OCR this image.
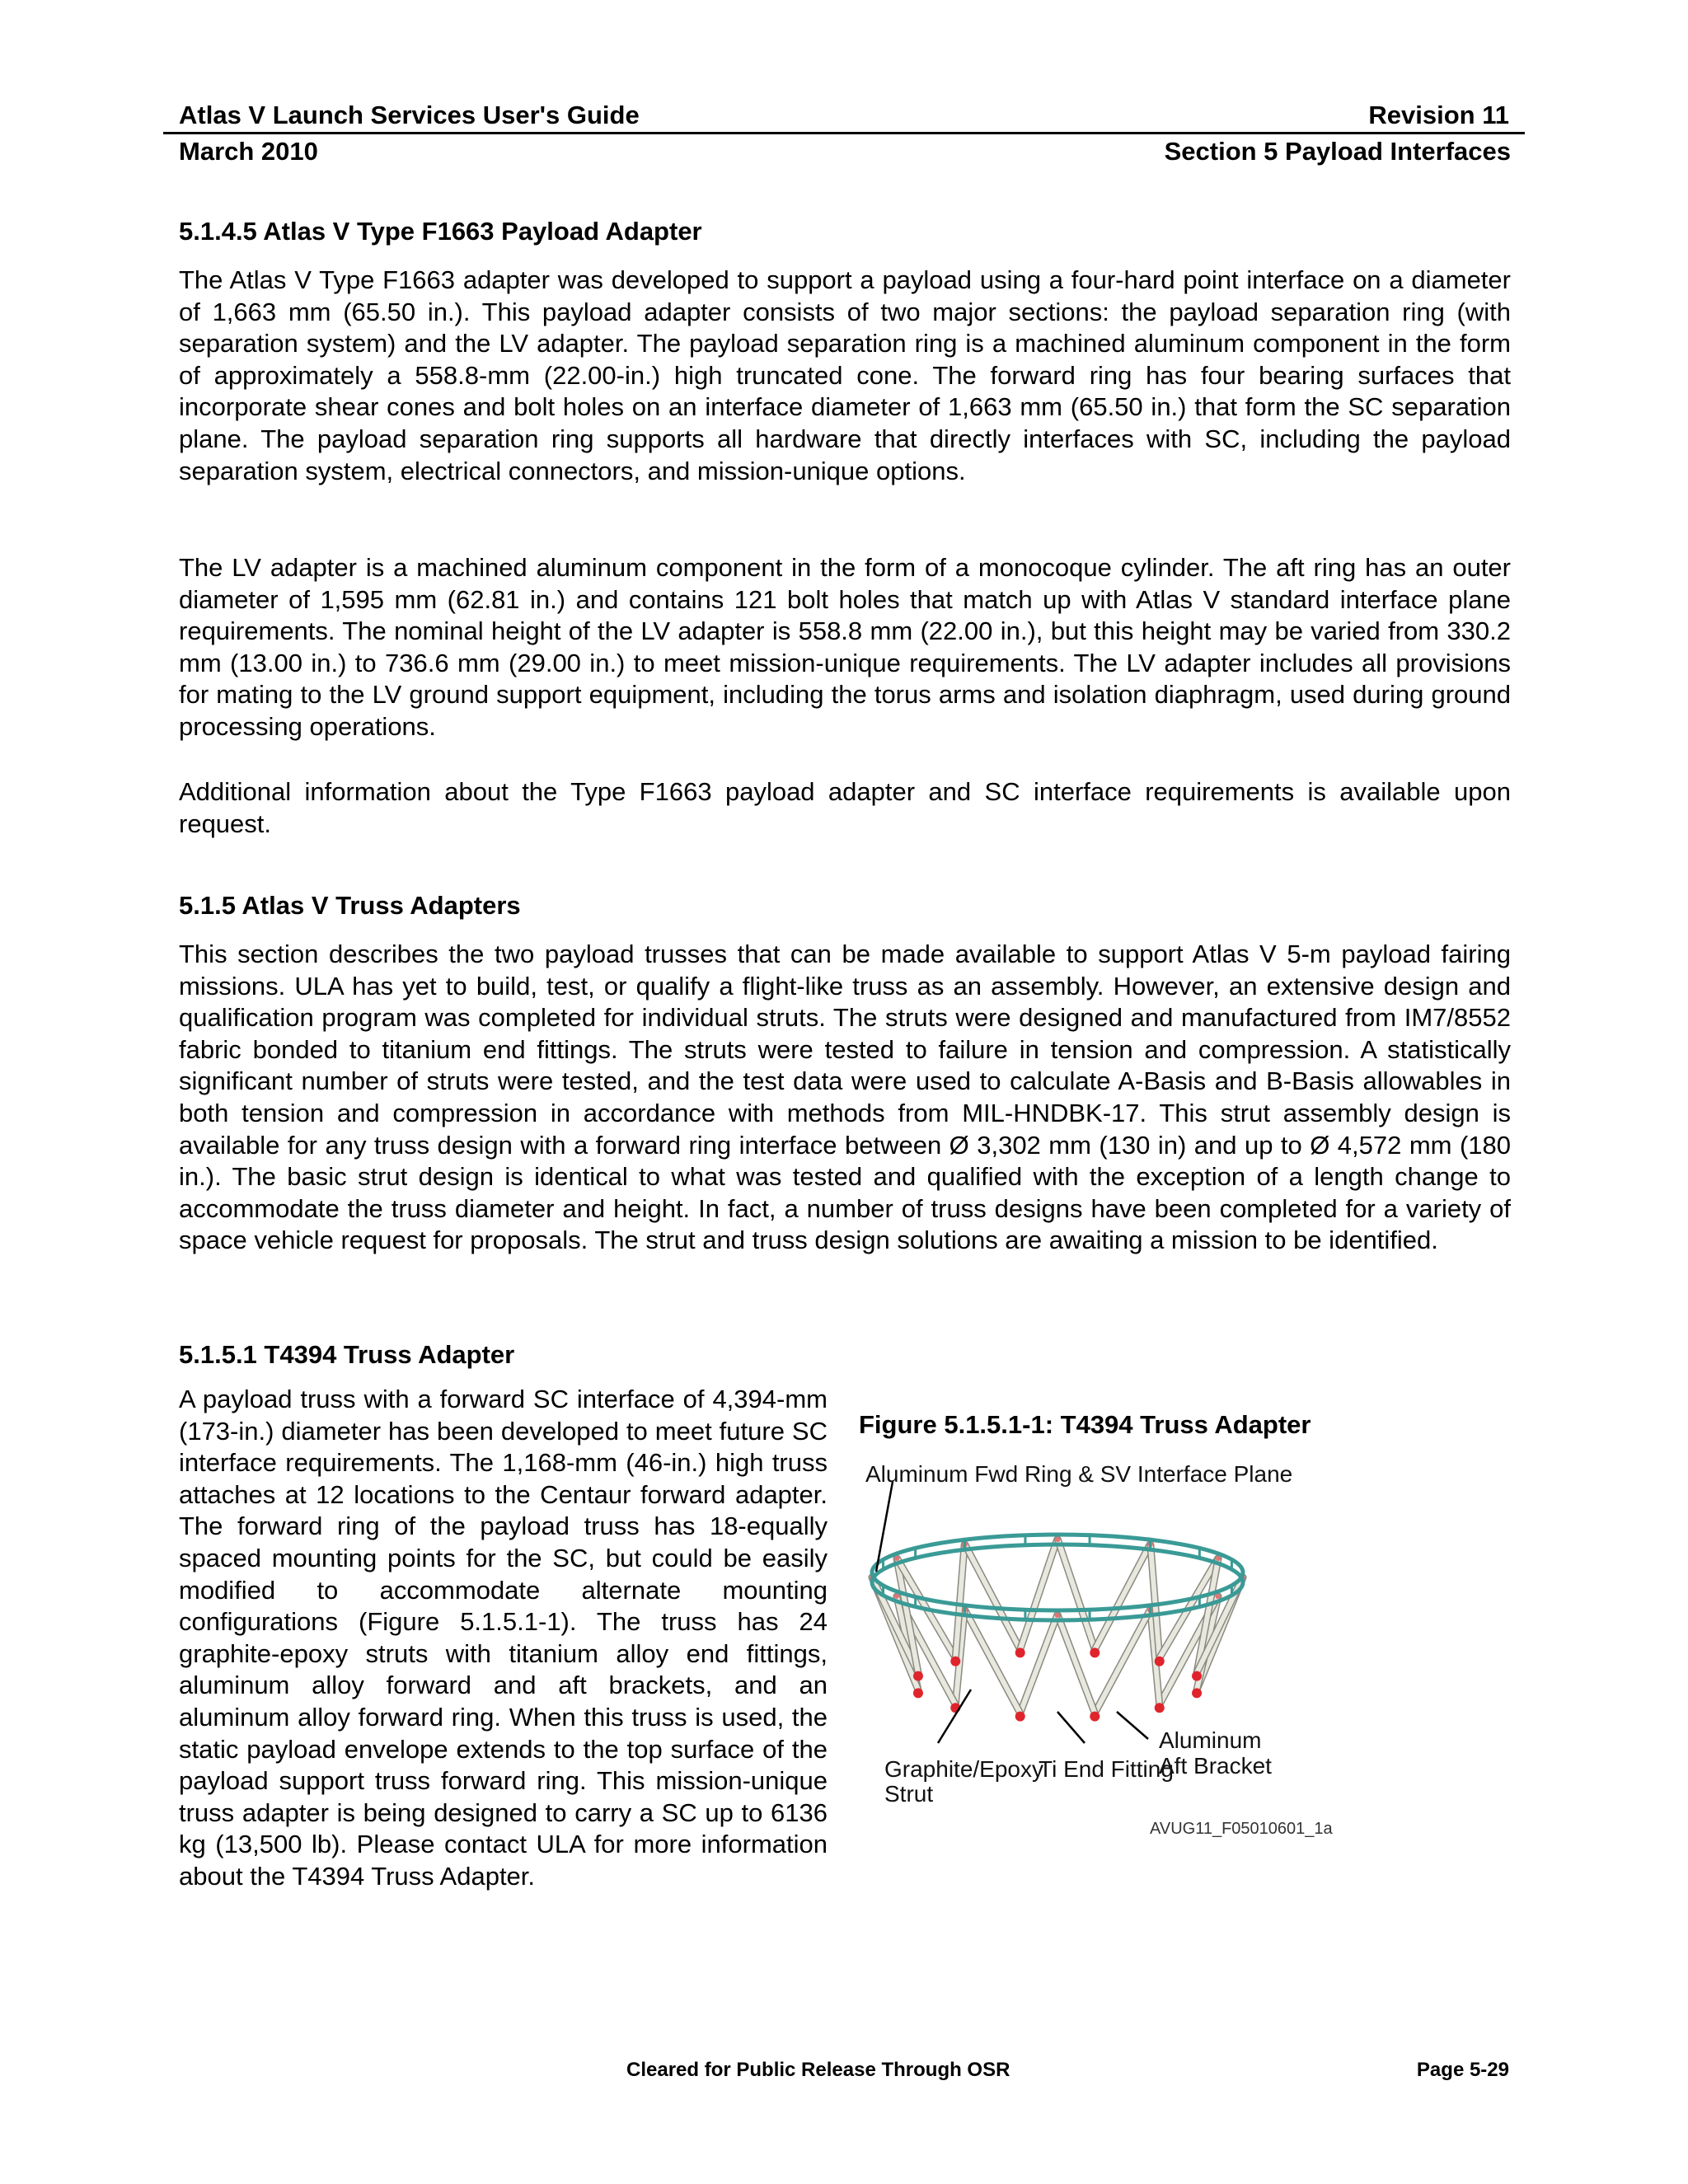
Atlas V Launch Services User's Guide	Revision 11
March 2010	Section 5 Payload Interfaces
5.1.4.5 Atlas V Type F1663 Payload Adapter

The Atlas V Type F1663 adapter was developed to support a payload using a four-hard point interface on a diameter of 1,663 mm (65.50 in.). This payload adapter consists of two major sections: the payload separation ring (with separation system) and the LV adapter. The payload separation ring is a machined aluminum component in the form of approximately a 558.8-mm (22.00-in.) high truncated cone. The forward ring has four bearing surfaces that incorporate shear cones and bolt holes on an interface diameter of 1,663 mm (65.50 in.) that form the SC separation plane. The payload separation ring supports all hardware that directly interfaces with SC, including the payload separation system, electrical connectors, and mission-unique options.

The LV adapter is a machined aluminum component in the form of a monocoque cylinder. The aft ring has an outer diameter of 1,595 mm (62.81 in.) and contains 121 bolt holes that match up with Atlas V standard interface plane requirements. The nominal height of the LV adapter is 558.8 mm (22.00 in.), but this height may be varied from 330.2 mm (13.00 in.) to 736.6 mm (29.00 in.) to meet mission-unique requirements. The LV adapter includes all provisions for mating to the LV ground support equipment, including the torus arms and isolation diaphragm, used during ground processing operations.

Additional information about the Type F1663 payload adapter and SC interface requirements is available upon request.

5.1.5 Atlas V Truss Adapters

This section describes the two payload trusses that can be made available to support Atlas V 5-m payload fairing missions. ULA has yet to build, test, or qualify a flight-like truss as an assembly. However, an extensive design and qualification program was completed for individual struts. The struts were designed and manufactured from IM7/8552 fabric bonded to titanium end fittings. The struts were tested to failure in tension and compression. A statistically significant number of struts were tested, and the test data were used to calculate A-Basis and B-Basis allowables in both tension and compression in accordance with methods from MIL-HNDBK-17. This strut assembly design is available for any truss design with a forward ring interface between Ø 3,302 mm (130 in) and up to Ø 4,572 mm (180 in.). The basic strut design is identical to what was tested and qualified with the exception of a length change to accommodate the truss diameter and height. In fact, a number of truss designs have been completed for a variety of space vehicle request for proposals. The strut and truss design solutions are awaiting a mission to be identified.

5.1.5.1 T4394 Truss Adapter

A payload truss with a forward SC interface of 4,394-mm (173-in.) diameter has been developed to meet future SC interface requirements. The 1,168-mm (46-in.) high truss attaches at 12 locations to the Centaur forward adapter. The forward ring of the payload truss has 18-equally spaced mounting points for the SC, but could be easily modified to accommodate alternate mounting configurations (Figure 5.1.5.1-1). The truss has 24 graphite-epoxy struts with titanium alloy end fittings, aluminum alloy forward and aft brackets, and an aluminum alloy forward ring. When this truss is used, the static payload envelope extends to the top surface of the payload support truss forward ring. This mission-unique truss adapter is being designed to carry a SC up to 6136 kg (13,500 lb). Please contact ULA for more information about the T4394 Truss Adapter.

Figure 5.1.5.1-1: T4394 Truss Adapter
Aluminum Fwd Ring & SV Interface Plane
Graphite/Epoxy
Strut
Ti End Fitting
Aluminum
Aft Bracket
AVUG11_F05010601_1a
Cleared for Public Release Through OSR	Page 5-29
